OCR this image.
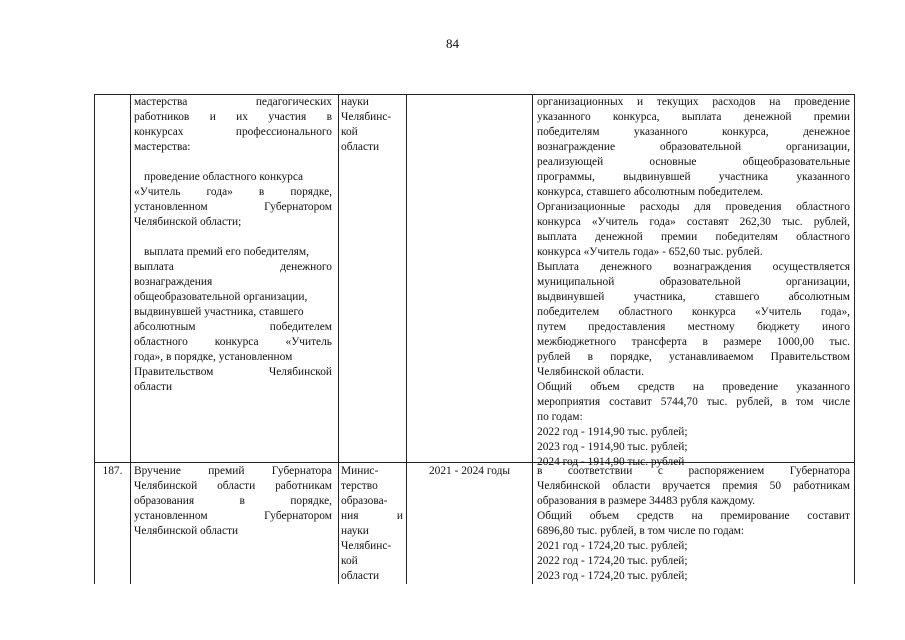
84

мастерства педагогических

работников и их участия в

конкурсах профессионального

мастерства:

проведение областного конкурса

«Учитель года» в порядке,

установленном Губернатором

Челябинской области;

выплата премий его победителям,

выплата денежного

вознаграждения

общеобразовательной организации,

выдвинувшей участника, ставшего

абсолютным победителем

областного конкурса «Учитель

года», в порядке, установленном

Правительством Челябинской

области

науки

Челябинс-

кой

области

организационных и текущих расходов на проведение

указанного конкурса, выплата денежной премии

победителям указанного конкурса, денежное

вознаграждение образовательной организации,

реализующей основные общеобразовательные

программы, выдвинувшей участника указанного

конкурса, ставшего абсолютным победителем.

Организационные расходы для проведения областного

конкурса «Учитель года» составят 262,30 тыс. рублей,

выплата денежной премии победителям областного

конкурса «Учитель года» - 652,60 тыс. рублей.

Выплата денежного вознаграждения осуществляется

муниципальной образовательной организации,

выдвинувшей участника, ставшего абсолютным

победителем областного конкурса «Учитель года»,

путем предоставления местному бюджету иного

межбюджетного трансферта в размере 1000,00 тыс.

рублей в порядке, устанавливаемом Правительством

Челябинской области.

Общий объем средств на проведение указанного

мероприятия составит 5744,70 тыс. рублей, в том числе

по годам:

2022 год - 1914,90 тыс. рублей;

2023 год - 1914,90 тыс. рублей;

2024 год - 1914,90 тыс. рублей

187.	Вручение премий Губернатора

Челябинской области работникам

образования в порядке,

установленном Губернатором

Челябинской области

Минис-

терство

образова-

ния и

науки

Челябинс-

кой

области

2021 - 2024 годы	в соответствии с распоряжением Губернатора

Челябинской области вручается премия 50 работникам

образования в размере 34483 рубля каждому.

Общий объем средств на премирование составит

6896,80 тыс. рублей, в том числе по годам:

2021 год - 1724,20 тыс. рублей;

2022 год - 1724,20 тыс. рублей;

2023 год - 1724,20 тыс. рублей;
